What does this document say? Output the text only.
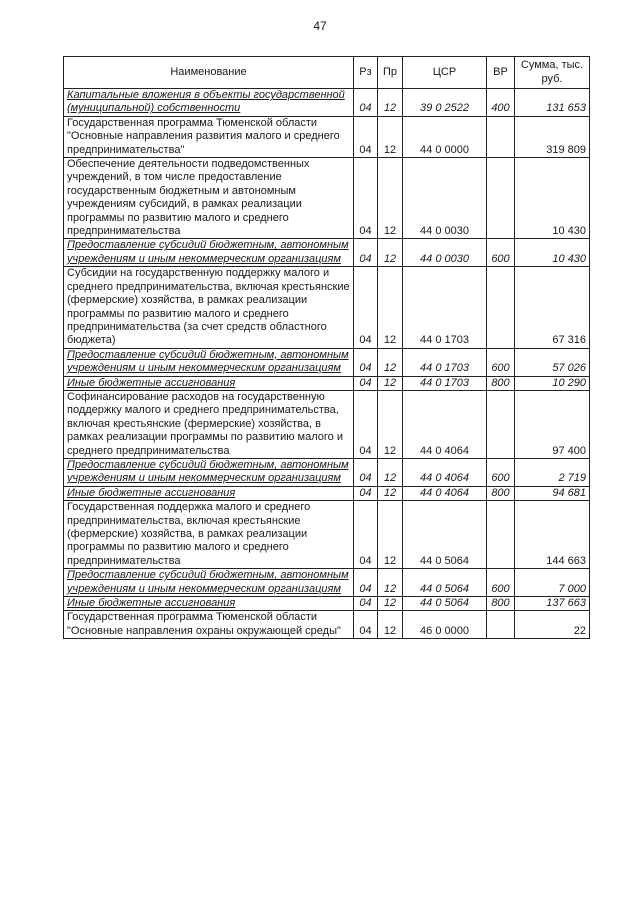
47
Наименование	Рз	Пр	ЦСР	ВР	Сумма, тыс. руб.
Капитальные вложения в объекты государственной (муниципальной) собственности	04	12	39 0 2522	400	131 653
Государственная программа Тюменской области "Основные направления развития малого и среднего предпринимательства"	04	12	44 0 0000		319 809
Обеспечение деятельности подведомственных учреждений, в том числе предоставление государственным бюджетным и автономным учреждениям субсидий, в рамках реализации программы по развитию малого и среднего предпринимательства	04	12	44 0 0030		10 430
Предоставление субсидий бюджетным, автономным учреждениям и иным некоммерческим организациям	04	12	44 0 0030	600	10 430
Субсидии на государственную поддержку малого и среднего предпринимательства, включая крестьянские (фермерские) хозяйства, в рамках реализации программы по развитию малого и среднего предпринимательства (за счет средств областного бюджета)	04	12	44 0 1703		67 316
Предоставление субсидий бюджетным, автономным учреждениям и иным некоммерческим организациям	04	12	44 0 1703	600	57 026
Иные бюджетные ассигнования	04	12	44 0 1703	800	10 290
Софинансирование расходов на государственную поддержку малого и среднего предпринимательства, включая крестьянские (фермерские) хозяйства, в рамках реализации программы по развитию малого и среднего предпринимательства	04	12	44 0 4064		97 400
Предоставление субсидий бюджетным, автономным учреждениям и иным некоммерческим организациям	04	12	44 0 4064	600	2 719
Иные бюджетные ассигнования	04	12	44 0 4064	800	94 681
Государственная поддержка малого и среднего предпринимательства, включая крестьянские (фермерские) хозяйства, в рамках реализации программы по развитию малого и среднего предпринимательства	04	12	44 0 5064		144 663
Предоставление субсидий бюджетным, автономным учреждениям и иным некоммерческим организациям	04	12	44 0 5064	600	7 000
Иные бюджетные ассигнования	04	12	44 0 5064	800	137 663
Государственная программа Тюменской области "Основные направления охраны окружающей среды"	04	12	46 0 0000		22
